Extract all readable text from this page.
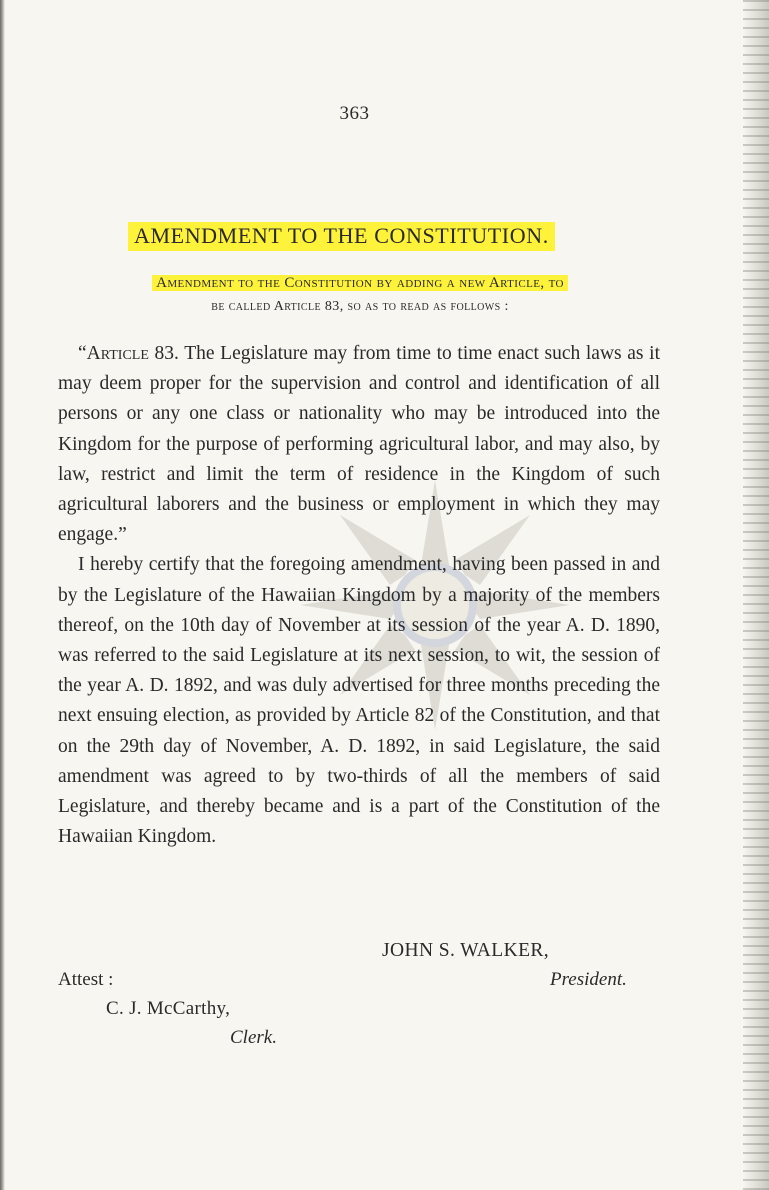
363
AMENDMENT TO THE CONSTITUTION.
Amendment to the Constitution by adding a new Article, to
be called Article 83, so as to read as follows :

“Article 83. The Legislature may from time to time enact such laws as it may deem proper for the supervision and control and identification of all persons or any one class or nationality who may be introduced into the Kingdom for the purpose of performing agricultural labor, and may also, by law, restrict and limit the term of residence in the Kingdom of such agricultural laborers and the business or employment in which they may engage.”

I hereby certify that the foregoing amendment, having been passed in and by the Legislature of the Hawaiian Kingdom by a majority of the members thereof, on the 10th day of November at its session of the year A. D. 1890, was referred to the said Legislature at its next session, to wit, the session of the year A. D. 1892, and was duly advertised for three months preceding the next ensuing election, as provided by Article 82 of the Constitution, and that on the 29th day of November, A. D. 1892, in said Legislature, the said amendment was agreed to by two-thirds of all the members of said Legislature, and thereby became and is a part of the Constitution of the Hawaiian Kingdom.

JOHN S. WALKER,
President.
Attest :
C. J. McCarthy,
Clerk.
